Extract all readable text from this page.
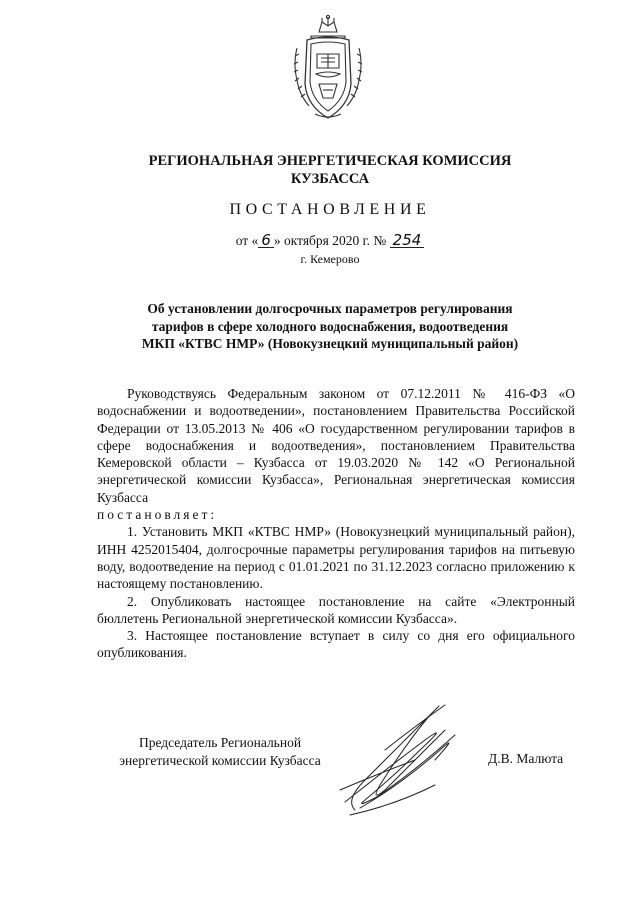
РЕГИОНАЛЬНАЯ ЭНЕРГЕТИЧЕСКАЯ КОМИССИЯ
КУЗБАССА
ПОСТАНОВЛЕНИЕ
от « 6 » октября 2020 г. № 254
г. Кемерово
Об установлении долгосрочных параметров регулирования
тарифов в сфере холодного водоснабжения, водоотведения
МКП «КТВС НМР» (Новокузнецкий муниципальный район)

Руководствуясь Федеральным законом от 07.12.2011 № 416-ФЗ «О водоснабжении и водоотведении», постановлением Правительства Российской Федерации от 13.05.2013 № 406 «О государственном регулировании тарифов в сфере водоснабжения и водоотведения», постановлением Правительства Кемеровской области – Кузбасса от 19.03.2020 № 142 «О Региональной энергетической комиссии Кузбасса», Региональная энергетическая комиссия Кузбасса

постановляет:

1. Установить МКП «КТВС НМР» (Новокузнецкий муниципальный район), ИНН 4252015404, долгосрочные параметры регулирования тарифов на питьевую воду, водоотведение на период с 01.01.2021 по 31.12.2023 согласно приложению к настоящему постановлению.

2. Опубликовать настоящее постановление на сайте «Электронный бюллетень Региональной энергетической комиссии Кузбасса».

3. Настоящее постановление вступает в силу со дня его официального опубликования.

Председатель Региональной
энергетической комиссии Кузбасса	Д.В. Малюта
